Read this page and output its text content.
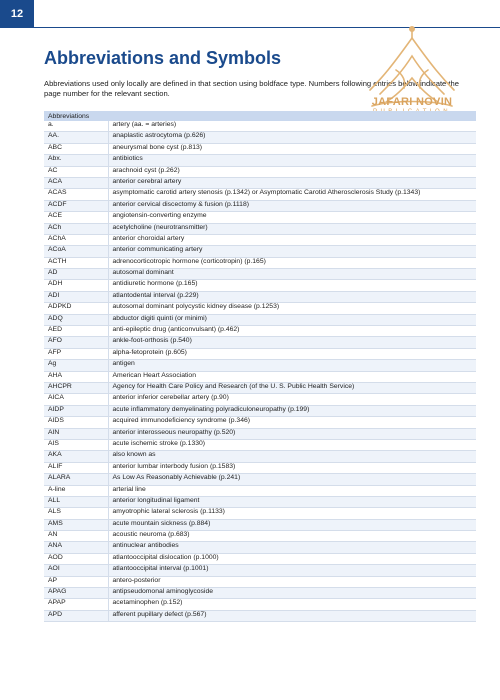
12
Abbreviations and Symbols

Abbreviations used only locally are defined in that section using boldface type. Numbers following entries below indicate the page number for the relevant section.

JAFARI NOVIN
Abbreviations	
a.	artery (aa. = arteries)
AA.	anaplastic astrocytoma (p.626)
ABC	aneurysmal bone cyst (p.813)
Abx.	antibiotics
AC	arachnoid cyst (p.262)
ACA	anterior cerebral artery
ACAS	asymptomatic carotid artery stenosis (p.1342) or Asymptomatic Carotid Atherosclerosis Study (p.1343)
ACDF	anterior cervical discectomy & fusion (p.1118)
ACE	angiotensin-converting enzyme
ACh	acetylcholine (neurotransmitter)
AChA	anterior choroidal artery
ACoA	anterior communicating artery
ACTH	adrenocorticotropic hormone (corticotropin) (p.165)
AD	autosomal dominant
ADH	antidiuretic hormone (p.165)
ADI	atlantodental interval (p.229)
ADPKD	autosomal dominant polycystic kidney disease (p.1253)
ADQ	abductor digiti quinti (or minimi)
AED	anti-epileptic drug (anticonvulsant) (p.462)
AFO	ankle-foot-orthosis (p.540)
AFP	alpha-fetoprotein (p.605)
Ag	antigen
AHA	American Heart Association
AHCPR	Agency for Health Care Policy and Research (of the U. S. Public Health Service)
AICA	anterior inferior cerebellar artery (p.90)
AIDP	acute inflammatory demyelinating polyradiculoneuropathy (p.199)
AIDS	acquired immunodeficiency syndrome (p.346)
AIN	anterior interosseous neuropathy (p.520)
AIS	acute ischemic stroke (p.1330)
AKA	also known as
ALIF	anterior lumbar interbody fusion (p.1583)
ALARA	As Low As Reasonably Achievable (p.241)
A-line	arterial line
ALL	anterior longitudinal ligament
ALS	amyotrophic lateral sclerosis (p.1133)
AMS	acute mountain sickness (p.884)
AN	acoustic neuroma (p.683)
ANA	antinuclear antibodies
AOD	atlantooccipital dislocation (p.1000)
AOI	atlantooccipital interval (p.1001)
AP	antero-posterior
APAG	antipseudomonal aminoglycoside
APAP	acetaminophen (p.152)
APD	afferent pupillary defect (p.567)
